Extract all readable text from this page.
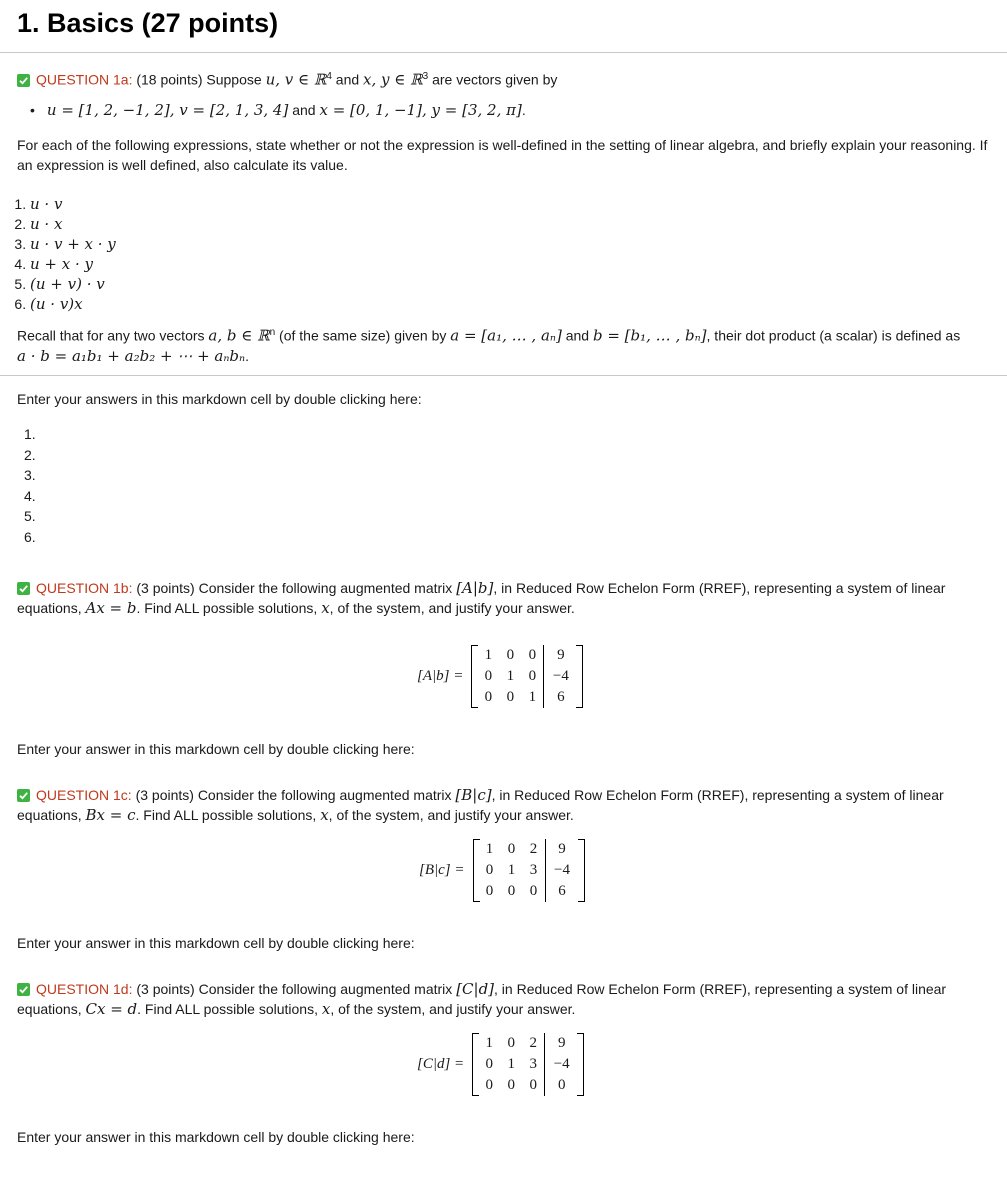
1. Basics (27 points)
QUESTION 1a: (18 points) Suppose u, v ∈ ℝ$^4$ and x, y ∈ ℝ$^3$ are vectors given by
• u = [1, 2, −1, 2], v = [2, 1, 3, 4] and x = [0, 1, −1], y = [3, 2, π].
For each of the following expressions, state whether or not the expression is well-defined in the setting of linear algebra, and briefly explain your reasoning. If an expression is well defined, also calculate its value.
1. u · v
2. u · x
3. u · v + x · y
4. u + x · y
5. (u + v) · v
6. (u · v)x
Recall that for any two vectors a, b ∈ ℝ$^n$ (of the same size) given by a = [a₁, … , aₙ] and b = [b₁, … , bₙ], their dot product (a scalar) is defined as
a · b = a₁b₁ + a₂b₂ + ⋯ + aₙbₙ.
Enter your answers in this markdown cell by double clicking here:
1.
2.
3.
4.
5.
6.
QUESTION 1b: (3 points) Consider the following augmented matrix [A|b], in Reduced Row Echelon Form (RREF), representing a system of linear equations, Ax = b. Find ALL possible solutions, x, of the system, and justify your answer.
[A|b] =
1 0 0	9
0 1 0	−4
0 0 1	6
Enter your answer in this markdown cell by double clicking here:
QUESTION 1c: (3 points) Consider the following augmented matrix [B|c], in Reduced Row Echelon Form (RREF), representing a system of linear equations, Bx = c. Find ALL possible solutions, x, of the system, and justify your answer.
[B|c] =
1 0 2	9
0 1 3	−4
0 0 0	6
Enter your answer in this markdown cell by double clicking here:
QUESTION 1d: (3 points) Consider the following augmented matrix [C|d], in Reduced Row Echelon Form (RREF), representing a system of linear equations, Cx = d. Find ALL possible solutions, x, of the system, and justify your answer.
[C|d] =
1 0 2	9
0 1 3	−4
0 0 0	0
Enter your answer in this markdown cell by double clicking here:
